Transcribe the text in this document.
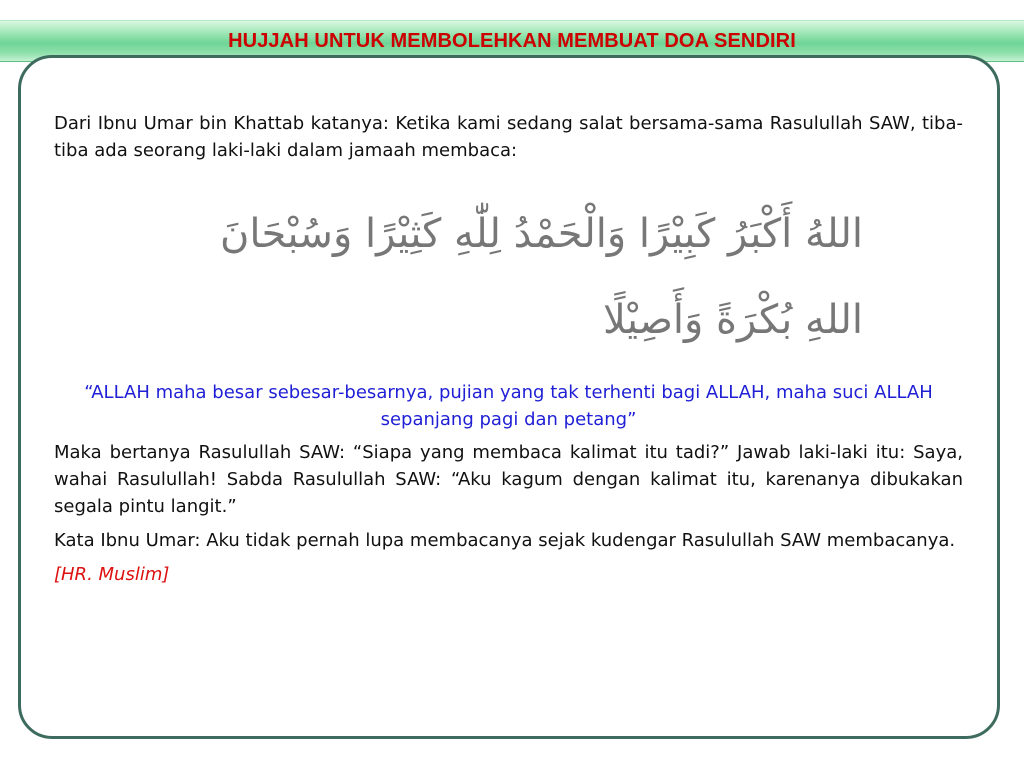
HUJJAH UNTUK MEMBOLEHKAN MEMBUAT DOA SENDIRI

Dari Ibnu Umar bin Khattab katanya: Ketika kami sedang salat bersama-sama Rasulullah SAW, tiba-tiba ada seorang laki-laki dalam jamaah membaca:

اللهُ أَكْبَرُ كَبِيْرًا وَالْحَمْدُ لِلّٰهِ كَثِيْرًا وَسُبْحَانَ
اللهِ بُكْرَةً وَأَصِيْلًا

“ALLAH maha besar sebesar-besarnya, pujian yang tak terhenti bagi ALLAH, maha suci ALLAH sepanjang pagi dan petang”

Maka bertanya Rasulullah SAW: “Siapa yang membaca kalimat itu tadi?” Jawab laki-laki itu: Saya, wahai Rasulullah! Sabda Rasulullah SAW: “Aku kagum dengan kalimat itu, karenanya dibukakan segala pintu langit.”

Kata Ibnu Umar: Aku tidak pernah lupa membacanya sejak kudengar Rasulullah SAW membacanya.

[HR. Muslim]
